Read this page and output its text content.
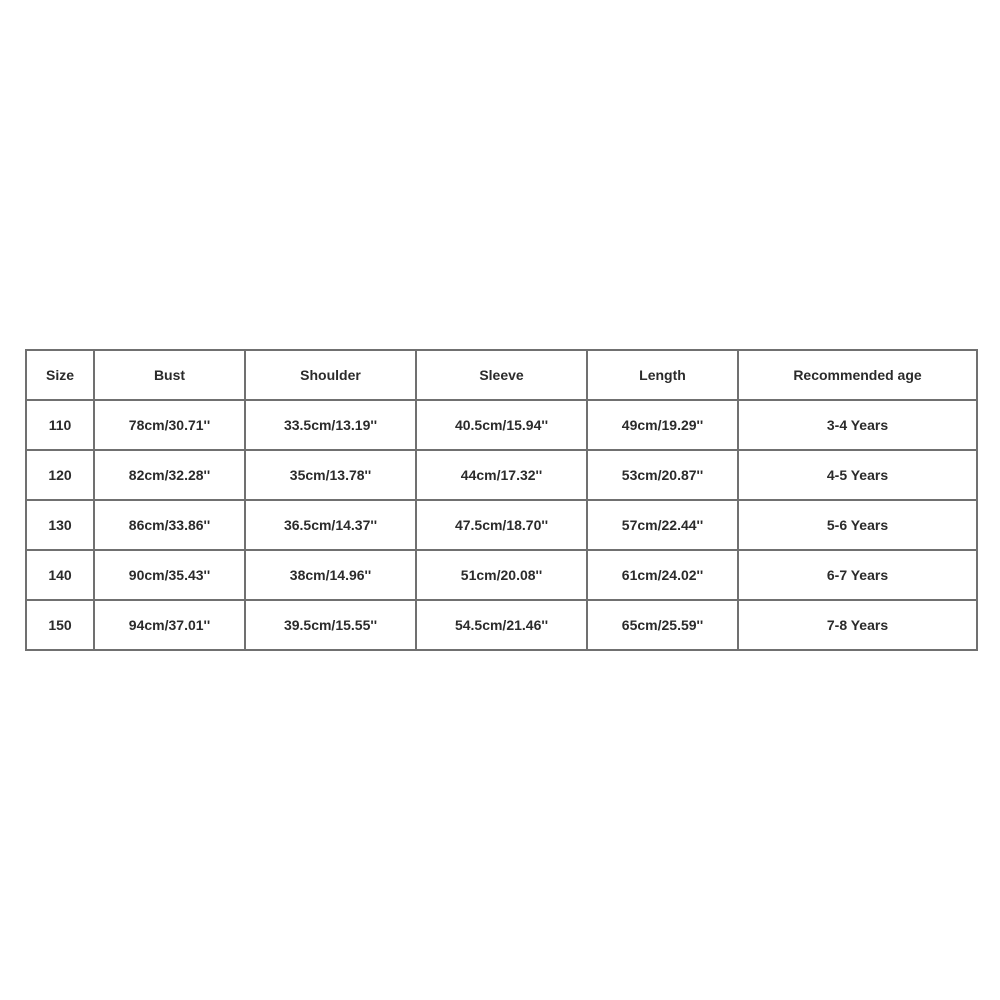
Size	Bust	Shoulder	Sleeve	Length	Recommended age
110	78cm/30.71''	33.5cm/13.19''	40.5cm/15.94''	49cm/19.29''	3-4 Years
120	82cm/32.28''	35cm/13.78''	44cm/17.32''	53cm/20.87''	4-5 Years
130	86cm/33.86''	36.5cm/14.37''	47.5cm/18.70''	57cm/22.44''	5-6 Years
140	90cm/35.43''	38cm/14.96''	51cm/20.08''	61cm/24.02''	6-7 Years
150	94cm/37.01''	39.5cm/15.55''	54.5cm/21.46''	65cm/25.59''	7-8 Years
